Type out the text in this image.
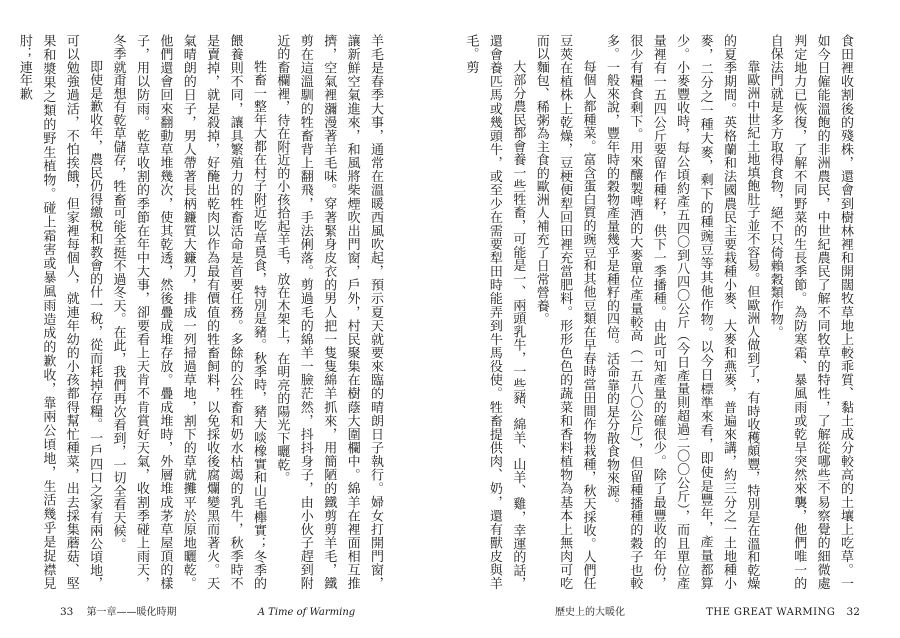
羊毛是春季大事，通常在溫暖西風吹起，預示夏天就要來臨的晴朗日子執行。婦女打開門窗，讓新鮮空氣進來，和風將柴煙吹出門窗，戶外，村民聚集在樹蔭大圍欄中。綿羊在裡面相互推擠，空氣裡瀰漫著羊毛味。穿著緊身皮衣的男人把一隻隻綿羊抓來，用簡陋的鐵剪剪羊毛，鐵剪在這溫馴的牲畜背上翻飛，手法俐落。剪過毛的綿羊一臉茫然，抖抖身子，由小伙子趕到附近的畜欄裡，待在附近的小孩拾起羊毛，放在木架上，在明亮的陽光下曬乾。

牲畜一整年大都在村子附近吃草覓食，特別是豬。秋季時，豬大啖橡實和山毛櫸實；冬季的餵養則不同，讓具繁殖力的牲畜活命是首要任務。多餘的公牲畜和奶水枯竭的乳牛，秋季時不是賣掉，就是殺掉，好醃出乾肉以作為最有價值的牲畜飼料，以免採收後腐爛變黑而著火。天氣晴朗的日子，男人帶著長柄鐮質大鐮刀，排成一列掃過草地，割下的草就攤平於原地曬乾。他們還會回來翻動草堆幾次，使其乾透，然後疊成堆存放。疊成堆時，外層堆成茅草屋頂的樣子，用以防雨。乾草收割的季節在年中大事，卻要看上天肯不肯賞好天氣，收割季碰上雨天，冬季就甭想有乾草儲存，牲畜可能全挺不過冬天。在此，我們再次看到，一切全看天候。

即使是歉收年，農民仍得繳稅和教會的什一稅，從而耗掉存糧。一戶四口之家有兩公頃地，可以勉強過活，不怕挨餓，但家裡每個人，就連年幼的小孩都得幫忙種菜，出去採集蘑菇、堅果和漿果之類的野生植物。碰上霜害或暴風雨造成的歉收，靠兩公頃地，生活幾乎是捉襟見肘；連年歉

33 第一章——暖化時期	A Time of Warming

食田裡收割後的殘株，還會到樹林裡和開闊牧草地上較乖質、黏土成分較高的土壤上吃草。一如今日僱能溫飽的非洲農民，中世紀農民了解不同牧草的特性，了解從哪些不易察覺的細微處判定地力已恢復，了解不同野菜的生長季節。為防寒霜、暴風雨或乾旱突然來襲，他們唯一的自保法門就是多方取得食物，絕不只倚賴穀類作物。

靠歐洲中世紀土地填飽肚子並不容易。但歐洲人做到了，有時收穫頗豐，特別是在溫和乾燥的夏季期間。英格蘭和法國農民主要栽種小麥、大麥和燕麥，普遍來講，約三分之一土地種小麥，二分之一種大麥，剩下的種豌豆等其他作物。以今日標準來看，即使是豐年，產量都算少。小麥豐收時，每公頃約產五四〇到八四〇公斤（今日產量則超過二〇〇公斤），而且單位產量裡有一五四公斤要留作種籽，供下一季播種。由此可知產量的確很少。除了最豐收的年份，很少有糧食剩下。用來釀製啤酒的大麥單位產量較高（一五八〇公斤），但留種播種的穀子也較多。一般來說，豐年時的穀物產量幾乎是種籽的四倍。活命靠的是分散食物來源。

每個人都種菜。富含蛋白質的豌豆和其他豆類在早春時當田間作物栽種，秋天採收。人們任豆莢在植株上乾燥，豆梗便犁回田裡充當肥料。形形色色的蔬菜和香料植物為基本上無肉可吃而以麵包、稀粥為主食的歐洲人補充了日常營養。

大部分農民都會養一些牲畜，可能是一、兩頭乳牛，一些豬、綿羊、山羊、雞，幸運的話，還會養匹馬或幾頭牛，或至少在需要犁田時能弄到牛馬役使。牲畜提供肉、奶，還有獸皮與羊毛。剪

歷史上的大暖化	THE GREAT WARMING 32
